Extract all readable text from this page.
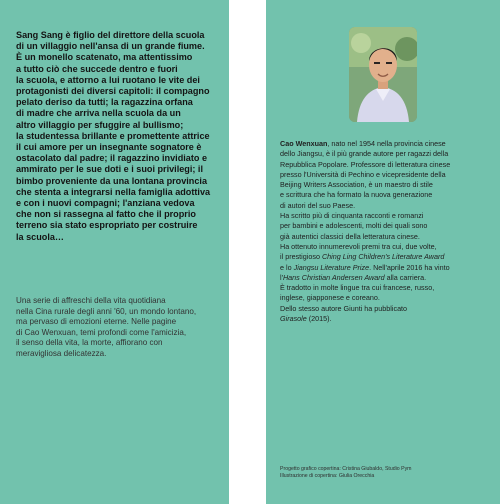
Sang Sang è figlio del direttore della scuola

di un villaggio nell'ansa di un grande fiume.

È un monello scatenato, ma attentissimo

a tutto ciò che succede dentro e fuori

la scuola, e attorno a lui ruotano le vite dei

protagonisti dei diversi capitoli: il compagno

pelato deriso da tutti; la ragazzina orfana

di madre che arriva nella scuola da un

altro villaggio per sfuggire al bullismo;

la studentessa brillante e promettente attrice

il cui amore per un insegnante sognatore è

ostacolato dal padre; il ragazzino invidiato e

ammirato per le sue doti e i suoi privilegi; il

bimbo proveniente da una lontana provincia

che stenta a integrarsi nella famiglia adottiva

e con i nuovi compagni; l'anziana vedova

che non si rassegna al fatto che il proprio

terreno sia stato espropriato per costruire

la scuola…

Una serie di affreschi della vita quotidiana
nella Cina rurale degli anni '60, un mondo lontano,
ma pervaso di emozioni eterne. Nelle pagine
di Cao Wenxuan, temi profondi come l'amicizia,
il senso della vita, la morte, affiorano con
meravigliosa delicatezza.

Cao Wenxuan, nato nel 1954 nella provincia cinese

dello Jiangsu, è il più grande autore per ragazzi della

Repubblica Popolare. Professore di letteratura cinese

presso l'Università di Pechino e vicepresidente della

Beijing Writers Association, è un maestro di stile

e scrittura che ha formato la nuova generazione

di autori del suo Paese.

Ha scritto più di cinquanta racconti e romanzi

per bambini e adolescenti, molti dei quali sono

già autentici classici della letteratura cinese.

Ha ottenuto innumerevoli premi tra cui, due volte,

il prestigioso Ching Ling Children's Literature Award

e lo Jiangsu Literature Prize. Nell'aprile 2016 ha vinto

l'Hans Christian Andersen Award alla carriera.

È tradotto in molte lingue tra cui francese, russo,

inglese, giapponese e coreano.

Dello stesso autore Giunti ha pubblicato

Girasole (2015).

Progetto grafico copertina: Cristina Giubaldo, Studio Pym
Illustrazione di copertina: Giulia Orecchia
